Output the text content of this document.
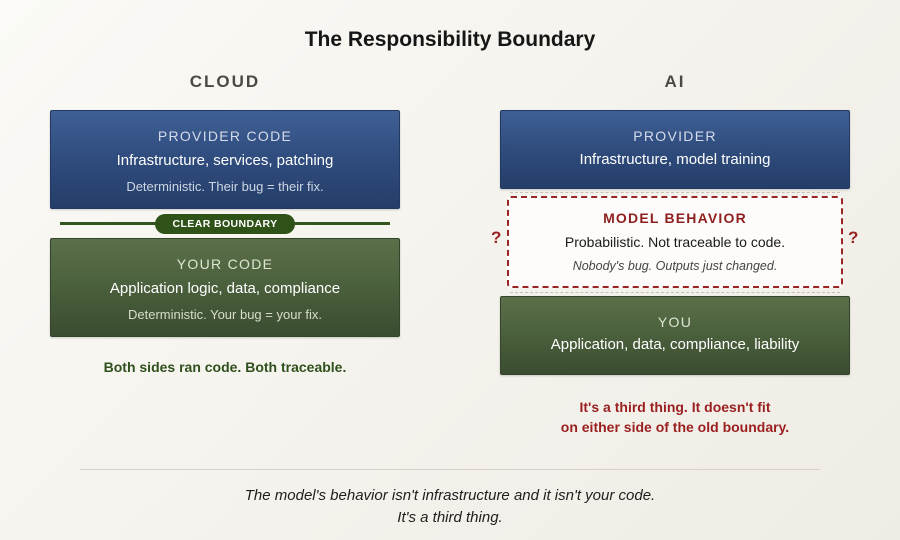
The Responsibility Boundary
CLOUD
PROVIDER CODE
Infrastructure, services, patching
Deterministic. Their bug = their fix.
CLEAR BOUNDARY
YOUR CODE
Application logic, data, compliance
Deterministic. Your bug = your fix.
Both sides ran code. Both traceable.
AI
PROVIDER
Infrastructure, model training
MODEL BEHAVIOR
Probabilistic. Not traceable to code.
Nobody's bug. Outputs just changed.
?	?
YOU
Application, data, compliance, liability
It's a third thing. It doesn't fit
on either side of the old boundary.
The model's behavior isn't infrastructure and it isn't your code.
It's a third thing.
